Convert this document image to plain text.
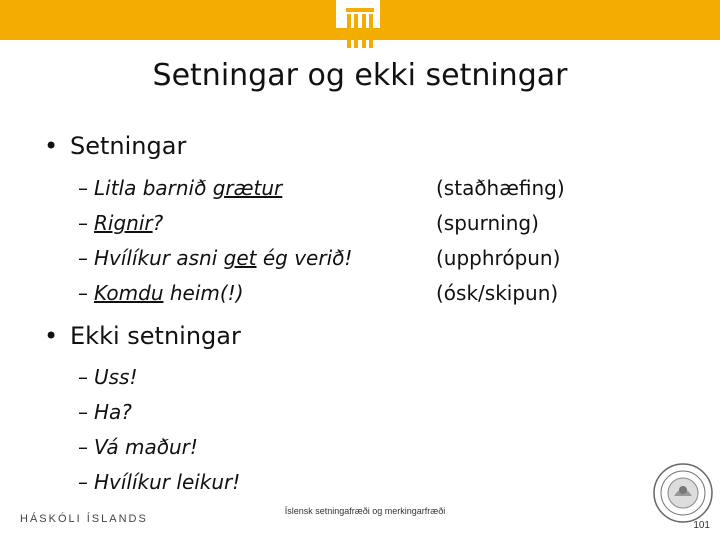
Setningar og ekki setningar
• Setningar
– Litla barnið grætur
– Rignir?
– Hvílíkur asni get ég verið!
– Komdu heim(!)
(staðhæfing)
(spurning)
(upphrópun)
(ósk/skipun)
• Ekki setningar
– Uss!
– Ha?
– Vá maður!
– Hvílíkur leikur!
HÁSKÓLI ÍSLANDS
Íslensk setningafræði og merkingarfræði
101
